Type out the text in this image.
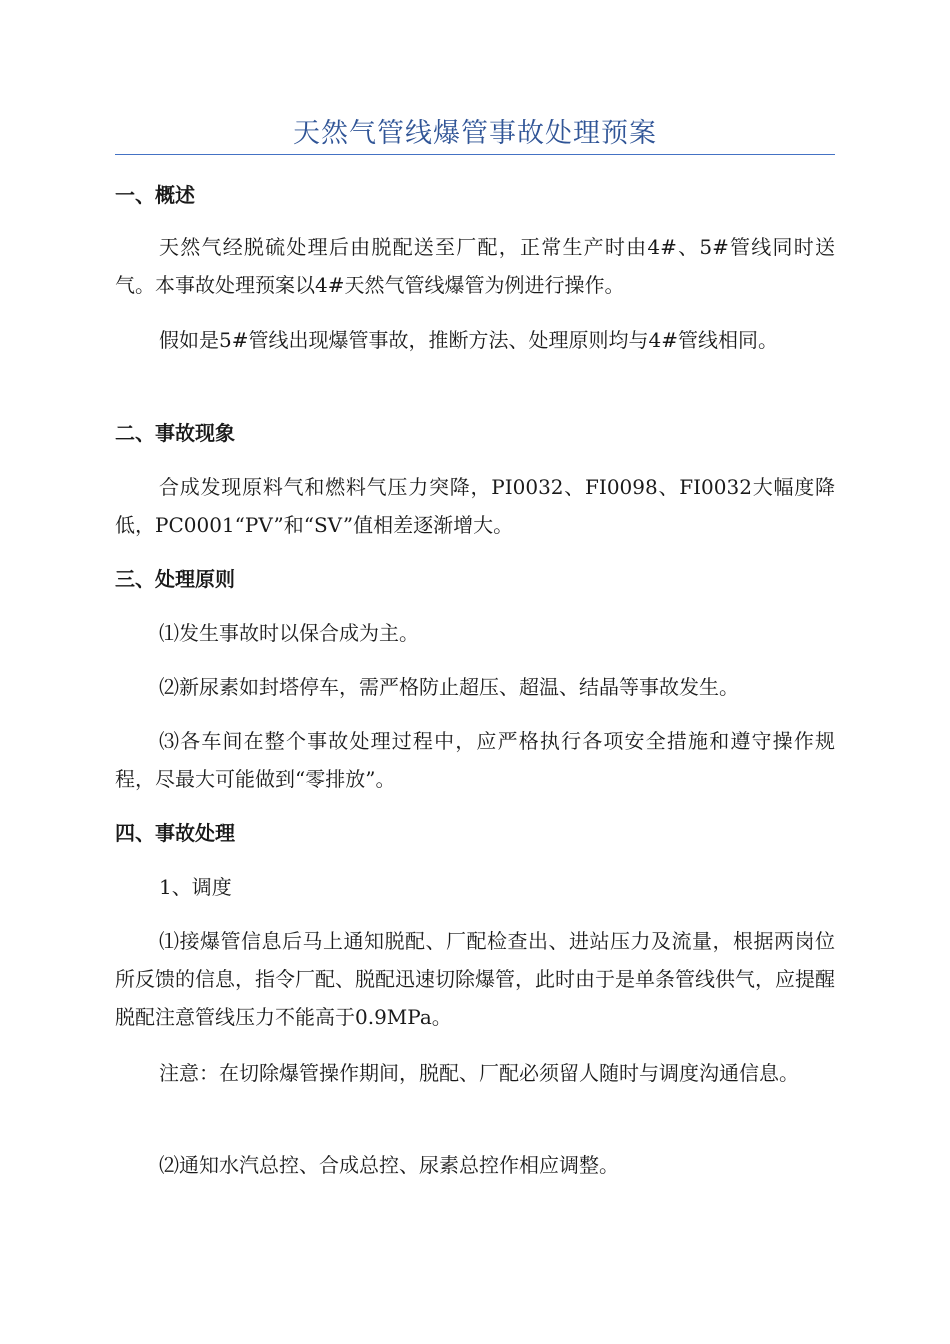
天然气管线爆管事故处理预案
一、概述
天然气经脱硫处理后由脱配送至厂配，正常生产时由4#、5#管线同时送气。本事故处理预案以4#天然气管线爆管为例进行操作。
假如是5#管线出现爆管事故，推断方法、处理原则均与4#管线相同。
二、事故现象
合成发现原料气和燃料气压力突降，PI0032、FI0098、FI0032大幅度降低，PC0001“PV”和“SV”值相差逐渐增大。
三、处理原则
⑴发生事故时以保合成为主。
⑵新尿素如封塔停车，需严格防止超压、超温、结晶等事故发生。
⑶各车间在整个事故处理过程中，应严格执行各项安全措施和遵守操作规程，尽最大可能做到“零排放”。
四、事故处理
1、调度
⑴接爆管信息后马上通知脱配、厂配检查出、进站压力及流量，根据两岗位所反馈的信息，指令厂配、脱配迅速切除爆管，此时由于是单条管线供气，应提醒脱配注意管线压力不能高于0.9MPa。
注意：在切除爆管操作期间，脱配、厂配必须留人随时与调度沟通信息。
⑵通知水汽总控、合成总控、尿素总控作相应调整。
